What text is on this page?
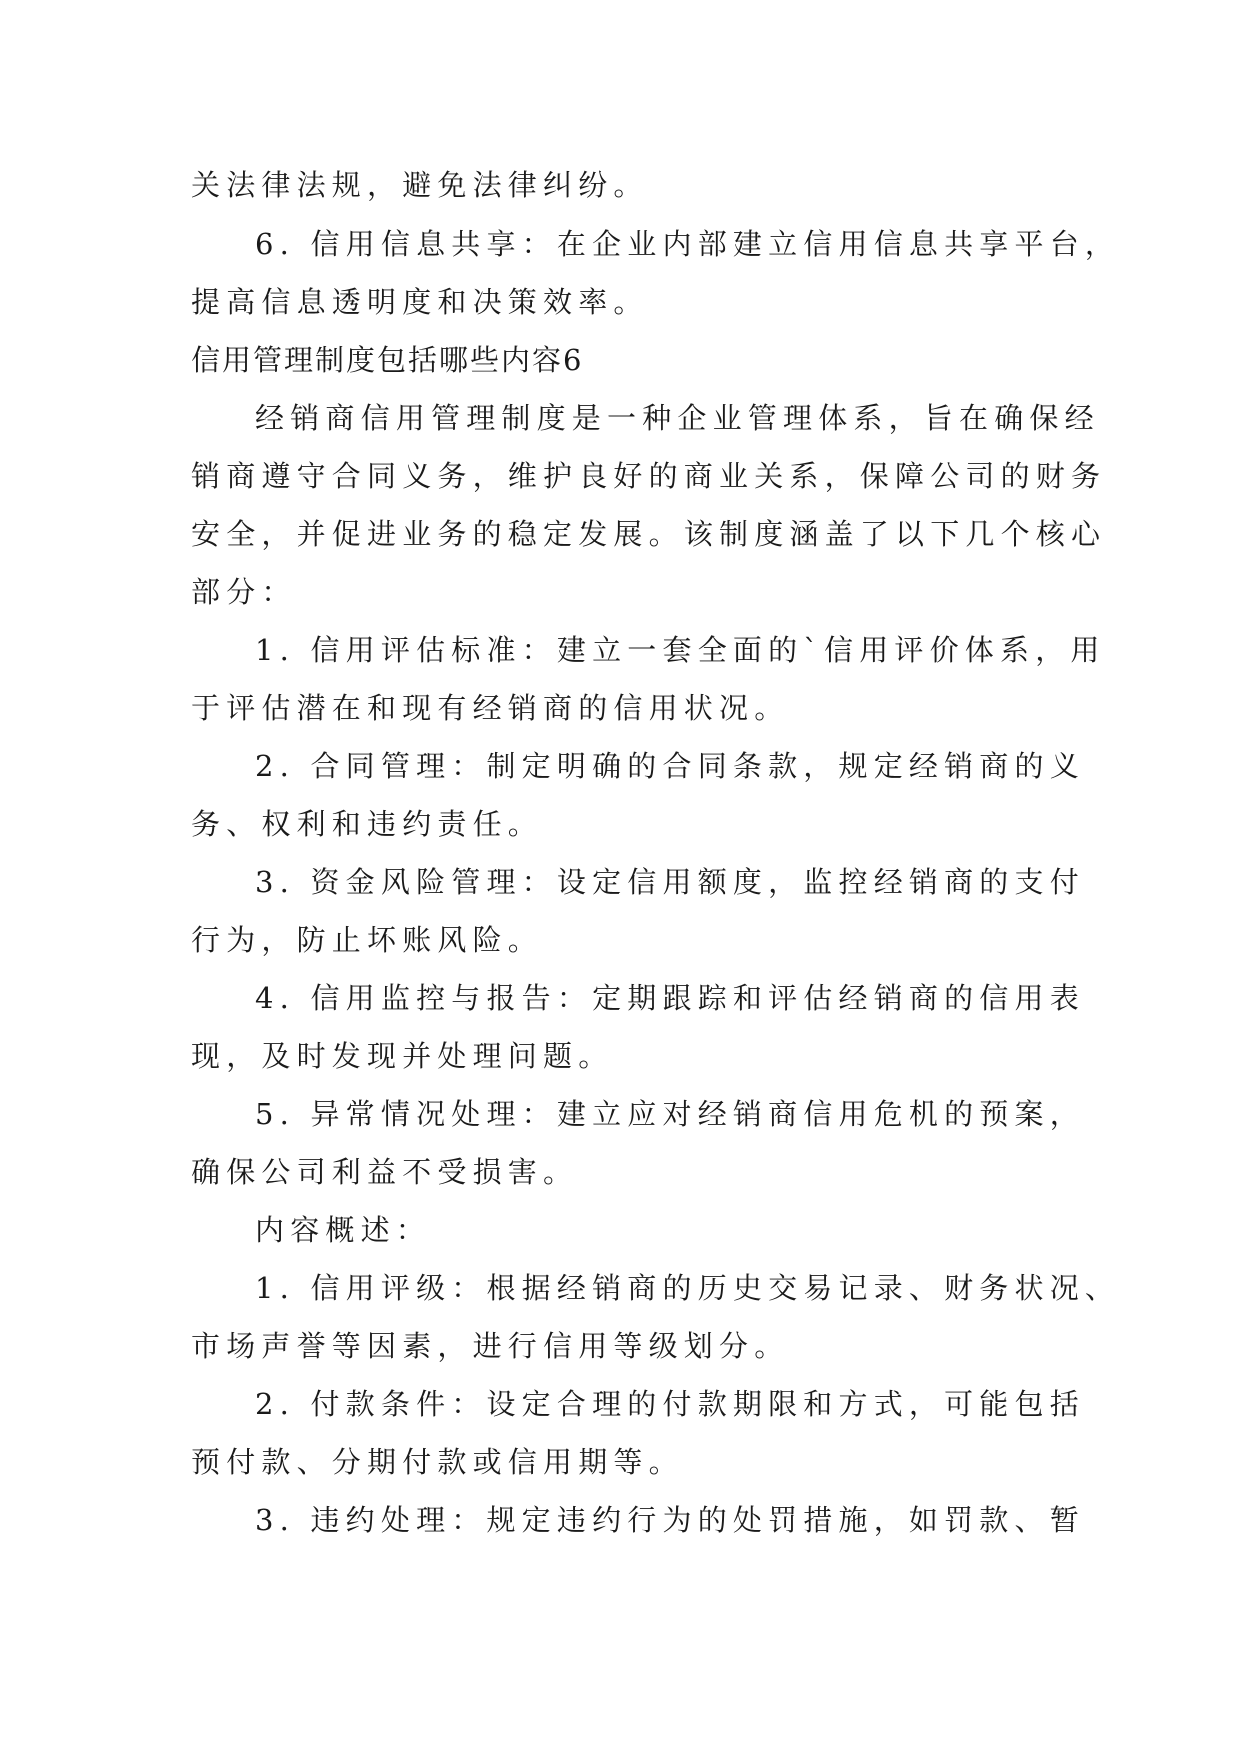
关法律法规，避免法律纠纷。
6. 信用信息共享：在企业内部建立信用信息共享平台，
提高信息透明度和决策效率。
信用管理制度包括哪些内容6
经销商信用管理制度是一种企业管理体系，旨在确保经
销商遵守合同义务，维护良好的商业关系，保障公司的财务
安全，并促进业务的稳定发展。该制度涵盖了以下几个核心
部分：
1. 信用评估标准：建立一套全面的`信用评价体系，用
于评估潜在和现有经销商的信用状况。
2. 合同管理：制定明确的合同条款，规定经销商的义
务、权利和违约责任。
3. 资金风险管理：设定信用额度，监控经销商的支付
行为，防止坏账风险。
4. 信用监控与报告：定期跟踪和评估经销商的信用表
现，及时发现并处理问题。
5. 异常情况处理：建立应对经销商信用危机的预案，
确保公司利益不受损害。
内容概述：
1. 信用评级：根据经销商的历史交易记录、财务状况、
市场声誉等因素，进行信用等级划分。
2. 付款条件：设定合理的付款期限和方式，可能包括
预付款、分期付款或信用期等。
3. 违约处理：规定违约行为的处罚措施，如罚款、暂
